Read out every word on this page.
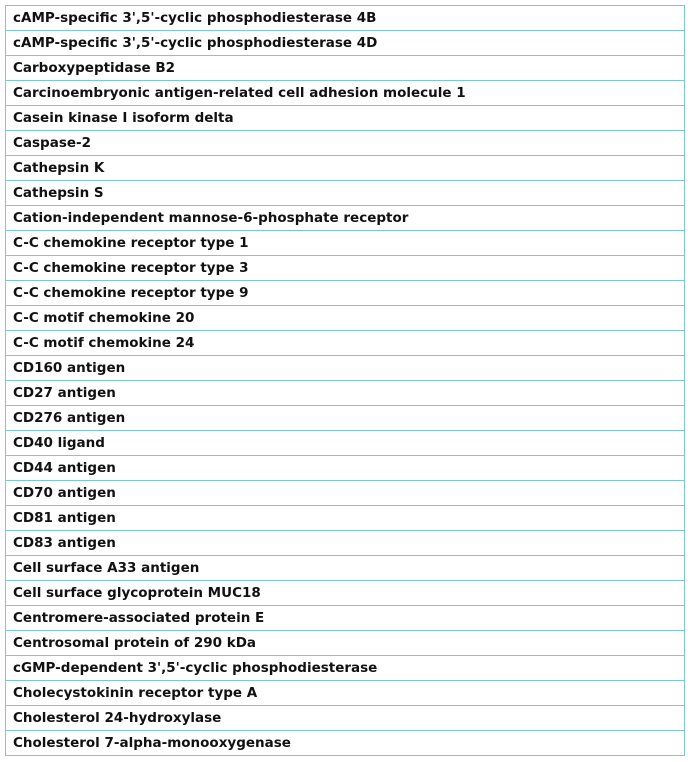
cAMP-specific 3',5'-cyclic phosphodiesterase 4B
cAMP-specific 3',5'-cyclic phosphodiesterase 4D
Carboxypeptidase B2
Carcinoembryonic antigen-related cell adhesion molecule 1
Casein kinase I isoform delta
Caspase-2
Cathepsin K
Cathepsin S
Cation-independent mannose-6-phosphate receptor
C-C chemokine receptor type 1
C-C chemokine receptor type 3
C-C chemokine receptor type 9
C-C motif chemokine 20
C-C motif chemokine 24
CD160 antigen
CD27 antigen
CD276 antigen
CD40 ligand
CD44 antigen
CD70 antigen
CD81 antigen
CD83 antigen
Cell surface A33 antigen
Cell surface glycoprotein MUC18
Centromere-associated protein E
Centrosomal protein of 290 kDa
cGMP-dependent 3',5'-cyclic phosphodiesterase
Cholecystokinin receptor type A
Cholesterol 24-hydroxylase
Cholesterol 7-alpha-monooxygenase
